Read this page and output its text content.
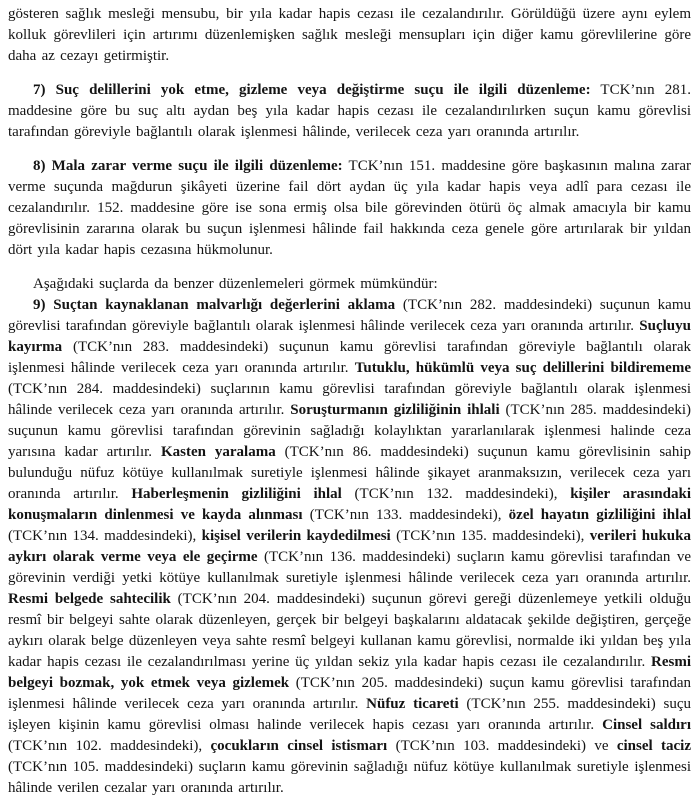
gösteren sağlık mesleği mensubu, bir yıla kadar hapis cezası ile cezalandırılır. Görüldüğü üzere aynı eylem kolluk görevlileri için artırımı düzenlemişken sağlık mesleği mensupları için diğer kamu görevlilerine göre daha az cezayı getirmiştir.

7) Suç delillerini yok etme, gizleme veya değiştirme suçu ile ilgili düzenleme: TCK’nın 281. maddesine göre bu suç altı aydan beş yıla kadar hapis cezası ile cezalandırılırken suçun kamu görevlisi tarafından göreviyle bağlantılı olarak işlenmesi hâlinde, verilecek ceza yarı oranında artırılır.

8) Mala zarar verme suçu ile ilgili düzenleme: TCK’nın 151. maddesine göre başkasının malına zarar verme suçunda mağdurun şikâyeti üzerine fail dört aydan üç yıla kadar hapis veya adlî para cezası ile cezalandırılır. 152. maddesine göre ise sona ermiş olsa bile görevinden ötürü öç almak amacıyla bir kamu görevlisinin zararına olarak bu suçun işlenmesi hâlinde fail hakkında ceza genele göre artırılarak bir yıldan dört yıla kadar hapis cezasına hükmolunur.

Aşağıdaki suçlarda da benzer düzenlemeleri görmek mümkündür:

9) Suçtan kaynaklanan malvarlığı değerlerini aklama (TCK’nın 282. maddesindeki) suçunun kamu görevlisi tarafından göreviyle bağlantılı olarak işlenmesi hâlinde verilecek ceza yarı oranında artırılır. Suçluyu kayırma (TCK’nın 283. maddesindeki) suçunun kamu görevlisi tarafından göreviyle bağlantılı olarak işlenmesi hâlinde verilecek ceza yarı oranında artırılır. Tutuklu, hükümlü veya suç delillerini bildirememe (TCK’nın 284. maddesindeki) suçlarının kamu görevlisi tarafından göreviyle bağlantılı olarak işlenmesi hâlinde verilecek ceza yarı oranında artırılır. Soruşturmanın gizliliğinin ihlali (TCK’nın 285. maddesindeki) suçunun kamu görevlisi tarafından görevinin sağladığı kolaylıktan yararlanılarak işlenmesi halinde ceza yarısına kadar artırılır. Kasten yaralama (TCK’nın 86. maddesindeki) suçunun kamu görevlisinin sahip bulunduğu nüfuz kötüye kullanılmak suretiyle işlenmesi hâlinde şikayet aranmaksızın, verilecek ceza yarı oranında artırılır. Haberleşmenin gizliliğini ihlal (TCK’nın 132. maddesindeki), kişiler arasındaki konuşmaların dinlenmesi ve kayda alınması (TCK’nın 133. maddesindeki), özel hayatın gizliliğini ihlal (TCK’nın 134. maddesindeki), kişisel verilerin kaydedilmesi (TCK’nın 135. maddesindeki), verileri hukuka aykırı olarak verme veya ele geçirme (TCK’nın 136. maddesindeki) suçların kamu görevlisi tarafından ve görevinin verdiği yetki kötüye kullanılmak suretiyle işlenmesi hâlinde verilecek ceza yarı oranında artırılır. Resmi belgede sahtecilik (TCK’nın 204. maddesindeki) suçunun görevi gereği düzenlemeye yetkili olduğu resmî bir belgeyi sahte olarak düzenleyen, gerçek bir belgeyi başkalarını aldatacak şekilde değiştiren, gerçeğe aykırı olarak belge düzenleyen veya sahte resmî belgeyi kullanan kamu görevlisi, normalde iki yıldan beş yıla kadar hapis cezası ile cezalandırılması yerine üç yıldan sekiz yıla kadar hapis cezası ile cezalandırılır. Resmi belgeyi bozmak, yok etmek veya gizlemek (TCK’nın 205. maddesindeki) suçun kamu görevlisi tarafından işlenmesi hâlinde verilecek ceza yarı oranında artırılır. Nüfuz ticareti (TCK’nın 255. maddesindeki) suçu işleyen kişinin kamu görevlisi olması halinde verilecek hapis cezası yarı oranında artırılır. Cinsel saldırı (TCK’nın 102. maddesindeki), çocukların cinsel istismarı (TCK’nın 103. maddesindeki) ve cinsel taciz (TCK’nın 105. maddesindeki) suçların kamu görevinin sağladığı nüfuz kötüye kullanılmak suretiyle işlenmesi hâlinde verilen cezalar yarı oranında artırılır.
